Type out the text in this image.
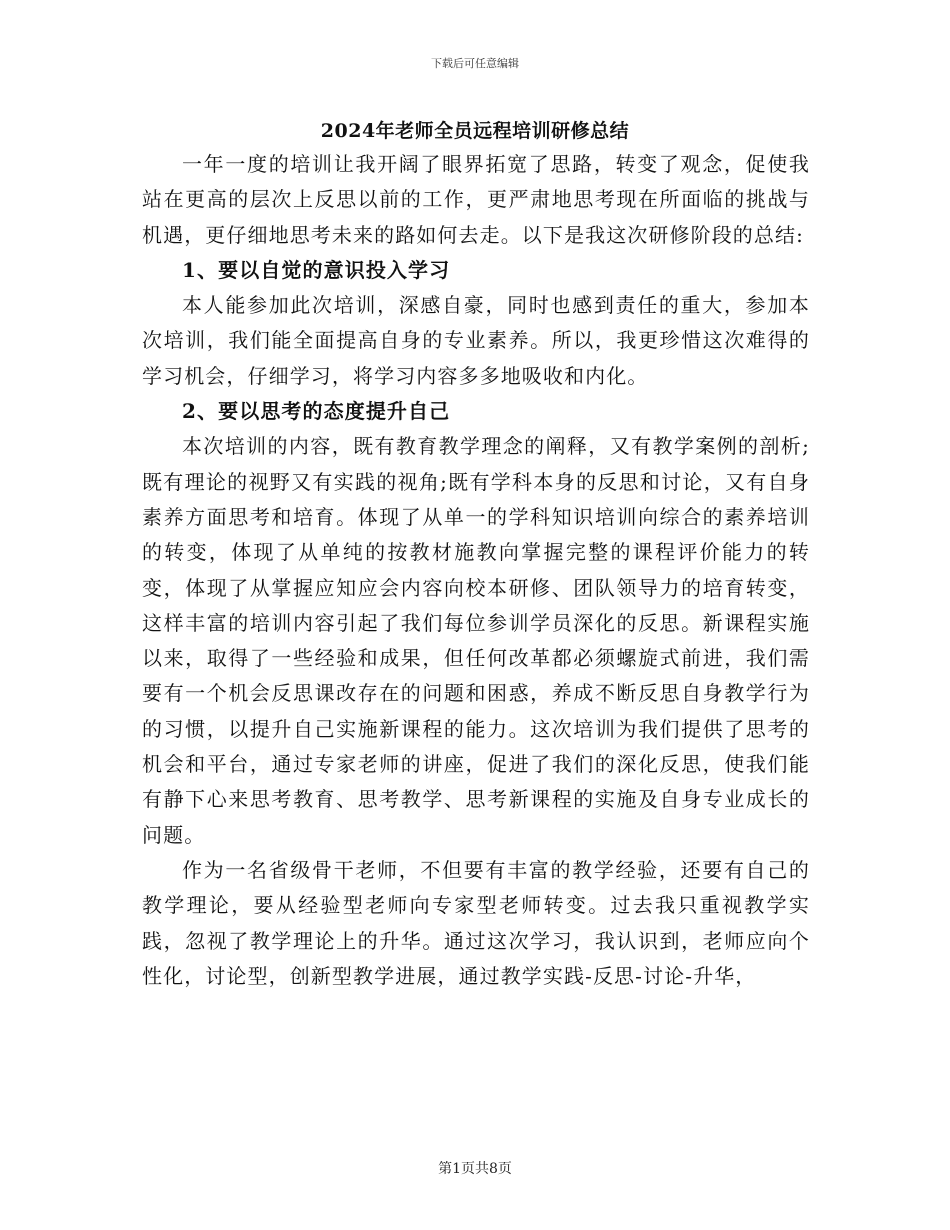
下载后可任意编辑
2024年老师全员远程培训研修总结

一年一度的培训让我开阔了眼界拓宽了思路，转变了观念，促使我站在更高的层次上反思以前的工作，更严肃地思考现在所面临的挑战与机遇，更仔细地思考未来的路如何去走。以下是我这次研修阶段的总结:

1、要以自觉的意识投入学习

本人能参加此次培训，深感自豪，同时也感到责任的重大，参加本次培训，我们能全面提高自身的专业素养。所以，我更珍惜这次难得的学习机会，仔细学习，将学习内容多多地吸收和内化。

2、要以思考的态度提升自己

本次培训的内容，既有教育教学理念的阐释，又有教学案例的剖析;既有理论的视野又有实践的视角;既有学科本身的反思和讨论，又有自身素养方面思考和培育。体现了从单一的学科知识培训向综合的素养培训的转变，体现了从单纯的按教材施教向掌握完整的课程评价能力的转变，体现了从掌握应知应会内容向校本研修、团队领导力的培育转变，这样丰富的培训内容引起了我们每位参训学员深化的反思。新课程实施以来，取得了一些经验和成果，但任何改革都必须螺旋式前进，我们需要有一个机会反思课改存在的问题和困惑，养成不断反思自身教学行为的习惯，以提升自己实施新课程的能力。这次培训为我们提供了思考的机会和平台，通过专家老师的讲座，促进了我们的深化反思，使我们能有静下心来思考教育、思考教学、思考新课程的实施及自身专业成长的问题。

作为一名省级骨干老师，不但要有丰富的教学经验，还要有自己的教学理论，要从经验型老师向专家型老师转变。过去我只重视教学实践，忽视了教学理论上的升华。通过这次学习，我认识到，老师应向个性化，讨论型，创新型教学进展，通过教学实践-反思-讨论-升华，

第1页共8页
